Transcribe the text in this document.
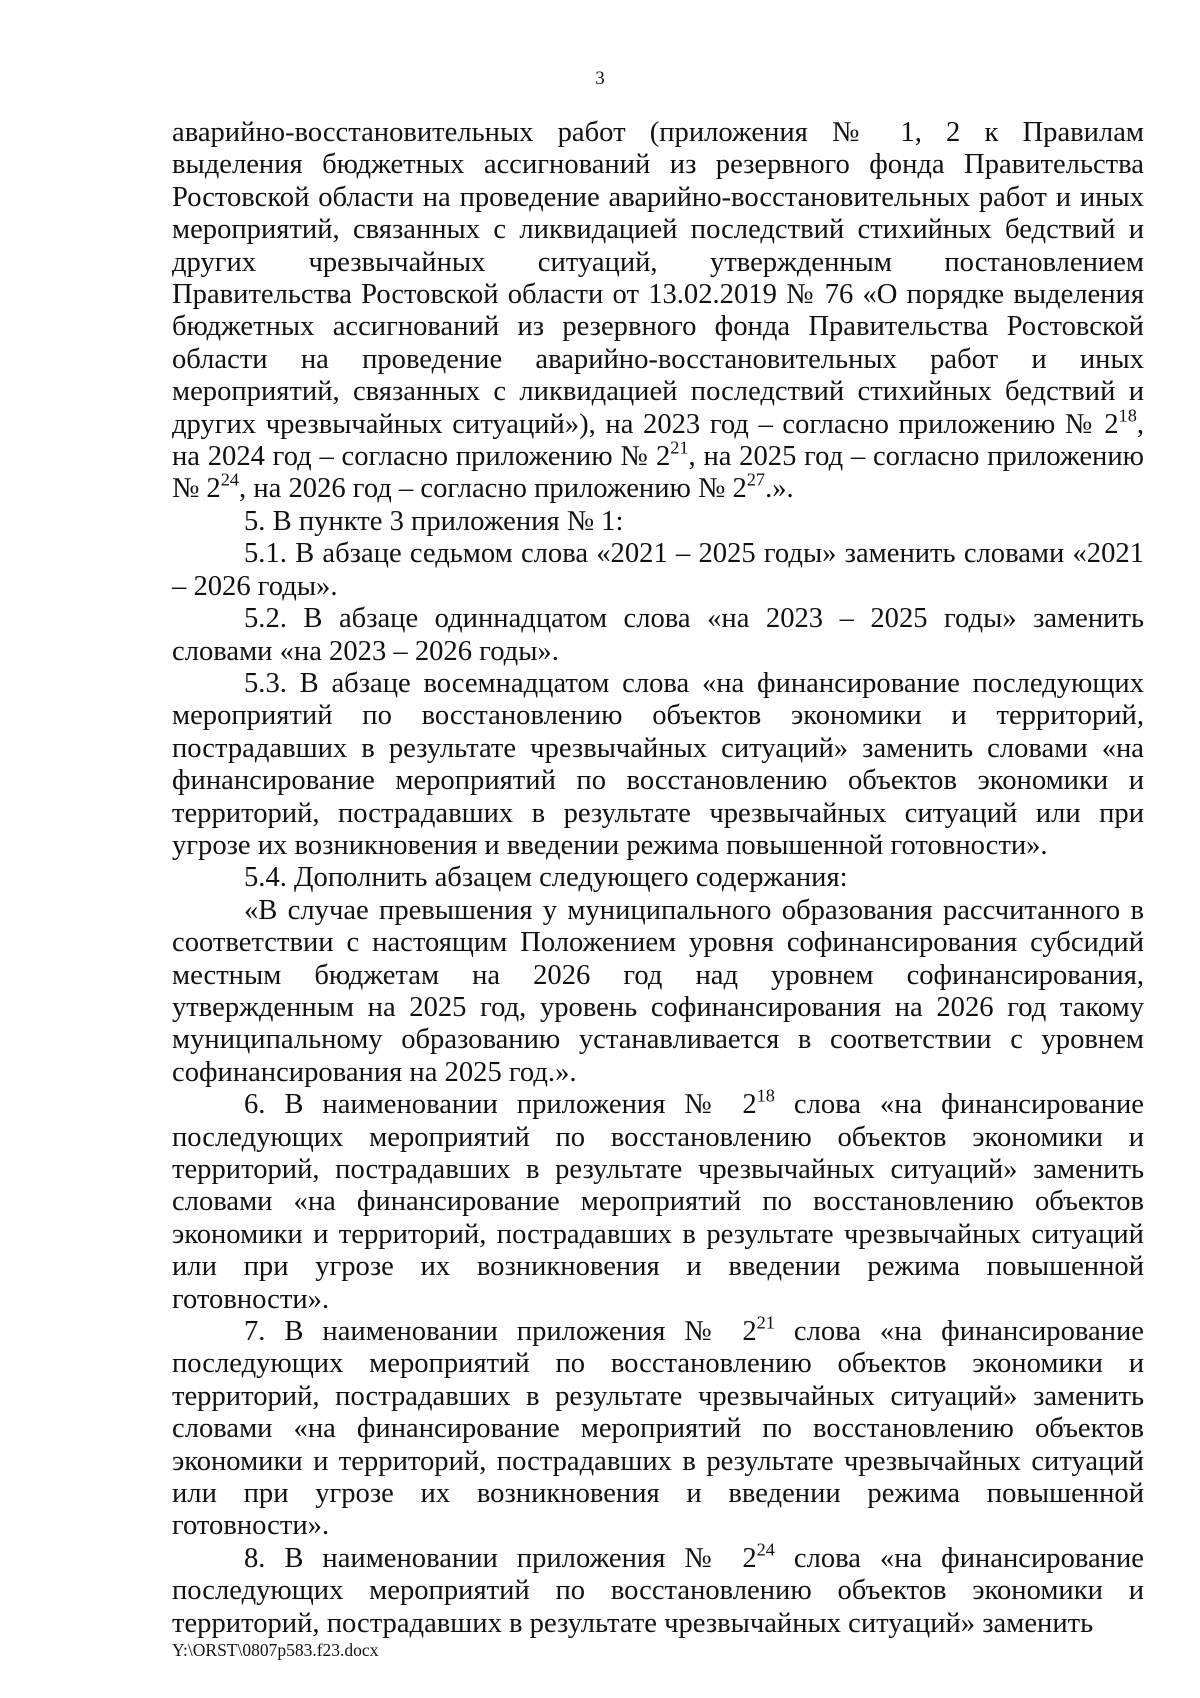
3

аварийно-восстановительных работ (приложения № 1, 2 к Правилам выделения бюджетных ассигнований из резервного фонда Правительства Ростовской области на проведение аварийно-восстановительных работ и иных мероприятий, связанных с ликвидацией последствий стихийных бедствий и других чрезвычайных ситуаций, утвержденным постановлением Правительства Ростовской области от 13.02.2019 № 76 «О порядке выделения бюджетных ассигнований из резервного фонда Правительства Ростовской области на проведение аварийно-восстановительных работ и иных мероприятий, связанных с ликвидацией последствий стихийных бедствий и других чрезвычайных ситуаций»), на 2023 год – согласно приложению № $2^{18}$, на 2024 год – согласно приложению № $2^{21}$, на 2025 год – согласно приложению № $2^{24}$, на 2026 год – согласно приложению № $2^{27}$.».

5. В пункте 3 приложения № 1:

5.1. В абзаце седьмом слова «2021 – 2025 годы» заменить словами «2021 – 2026 годы».

5.2. В абзаце одиннадцатом слова «на 2023 – 2025 годы» заменить словами «на 2023 – 2026 годы».

5.3. В абзаце восемнадцатом слова «на финансирование последующих мероприятий по восстановлению объектов экономики и территорий, пострадавших в результате чрезвычайных ситуаций» заменить словами «на финансирование мероприятий по восстановлению объектов экономики и территорий, пострадавших в результате чрезвычайных ситуаций или при угрозе их возникновения и введении режима повышенной готовности».

5.4. Дополнить абзацем следующего содержания:

«В случае превышения у муниципального образования рассчитанного в соответствии с настоящим Положением уровня софинансирования субсидий местным бюджетам на 2026 год над уровнем софинансирования, утвержденным на 2025 год, уровень софинансирования на 2026 год такому муниципальному образованию устанавливается в соответствии с уровнем софинансирования на 2025 год.».

6. В наименовании приложения № $2^{18}$ слова «на финансирование последующих мероприятий по восстановлению объектов экономики и территорий, пострадавших в результате чрезвычайных ситуаций» заменить словами «на финансирование мероприятий по восстановлению объектов экономики и территорий, пострадавших в результате чрезвычайных ситуаций или при угрозе их возникновения и введении режима повышенной готовности».

7. В наименовании приложения № $2^{21}$ слова «на финансирование последующих мероприятий по восстановлению объектов экономики и территорий, пострадавших в результате чрезвычайных ситуаций» заменить словами «на финансирование мероприятий по восстановлению объектов экономики и территорий, пострадавших в результате чрезвычайных ситуаций или при угрозе их возникновения и введении режима повышенной готовности».

8. В наименовании приложения № $2^{24}$ слова «на финансирование последующих мероприятий по восстановлению объектов экономики и территорий, пострадавших в результате чрезвычайных ситуаций» заменить

Y:\ORST\0807p583.f23.docx
